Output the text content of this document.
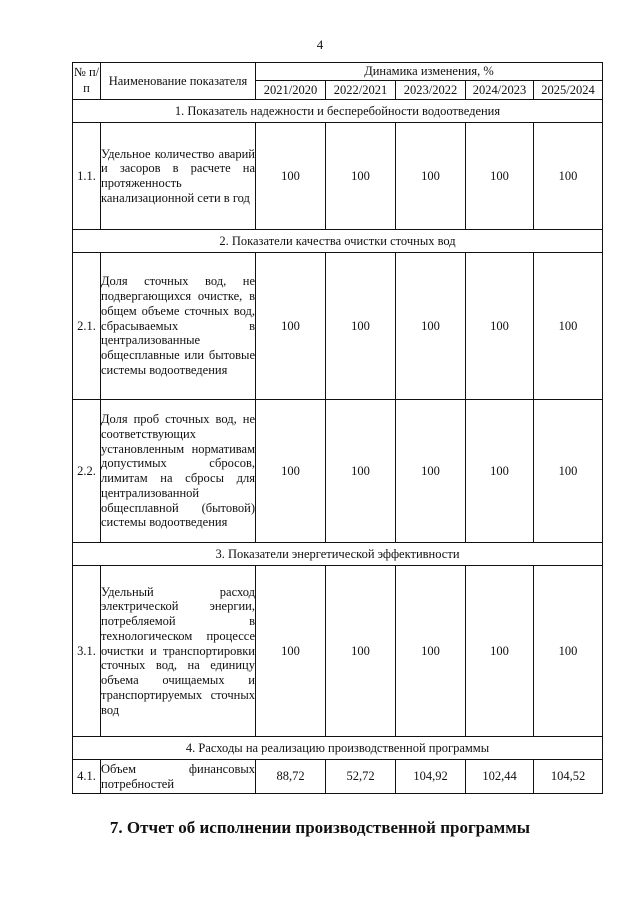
4
№ п/п	Наименование показателя	Динамика изменения, %				
		2021/2020	2022/2021	2023/2022	2024/2023	2025/2024
1. Показатель надежности и бесперебойности водоотведения						
1.1.	Удельное количество аварий и засоров в расчете на протяженность канализационной сети в год	100	100	100	100	100
2. Показатели качества очистки сточных вод						
2.1.	Доля сточных вод, не подвергающихся очистке, в общем объеме сточных вод, сбрасываемых в централизованные общесплавные или бытовые системы водоотведения	100	100	100	100	100
2.2.	Доля проб сточных вод, не соответствующих установленным нормативам допустимых сбросов, лимитам на сбросы для централизованной общесплавной (бытовой) системы водоотведения	100	100	100	100	100
3. Показатели энергетической эффективности						
3.1.	Удельный расход электрической энергии, потребляемой в технологическом процессе очистки и транспортировки сточных вод, на единицу объема очищаемых и транспортируемых сточных вод	100	100	100	100	100
4. Расходы на реализацию производственной программы						
4.1.	Объем финансовых потребностей	88,72	52,72	104,92	102,44	104,52
7. Отчет об исполнении производственной программы
